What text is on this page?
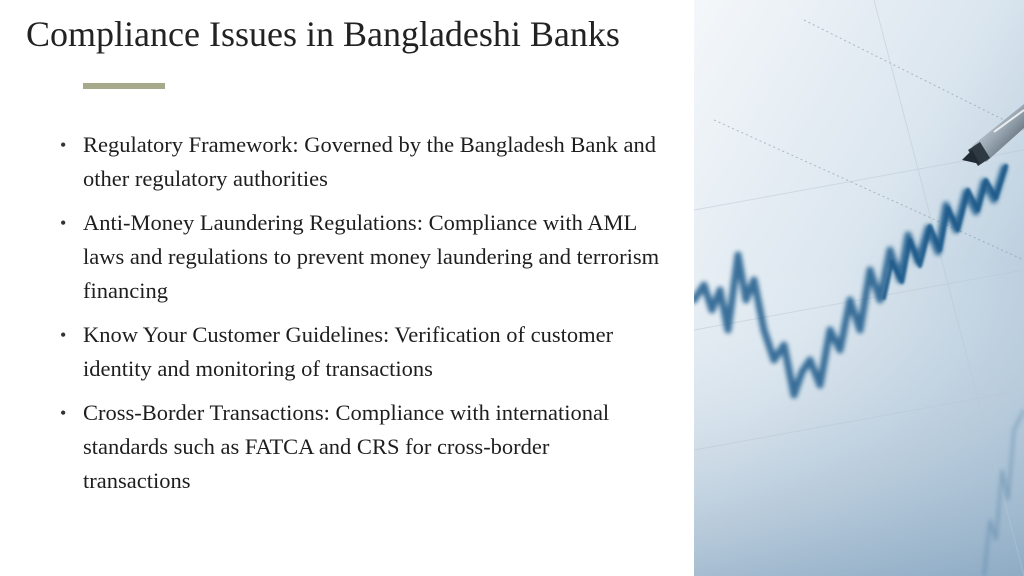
Compliance Issues in Bangladeshi Banks
• Regulatory Framework: Governed by the Bangladesh Bank and other regulatory authorities
• Anti-Money Laundering Regulations: Compliance with AML laws and regulations to prevent money laundering and terrorism financing
• Know Your Customer Guidelines: Verification of customer identity and monitoring of transactions
• Cross-Border Transactions: Compliance with international standards such as FATCA and CRS for cross-border transactions
